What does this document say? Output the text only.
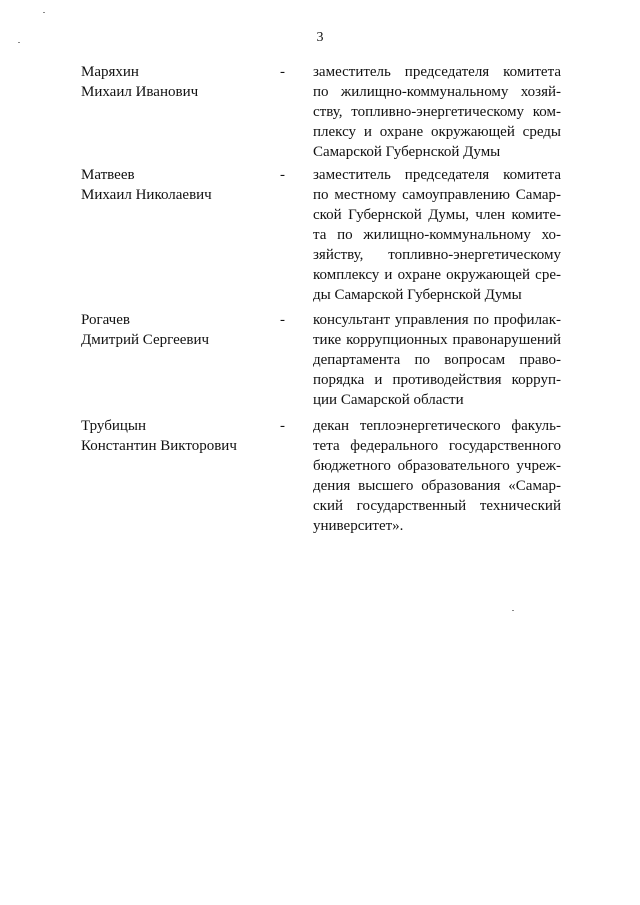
3
Маряхин
Михаил Иванович
- заместитель председателя комитета
по жилищно-коммунальному хозяй-
ству, топливно-энергетическому ком-
плексу и охране окружающей среды
Самарской Губернской Думы
Матвеев
Михаил Николаевич
- заместитель председателя комитета
по местному самоуправлению Самар-
ской Губернской Думы, член комите-
та по жилищно-коммунальному хо-
зяйству, топливно-энергетическому
комплексу и охране окружающей сре-
ды Самарской Губернской Думы
Рогачев
Дмитрий Сергеевич
- консультант управления по профилак-
тике коррупционных правонарушений
департамента по вопросам право-
порядка и противодействия корруп-
ции Самарской области
Трубицын
Константин Викторович
- декан теплоэнергетического факуль-
тета федерального государственного
бюджетного образовательного учреж-
дения высшего образования «Самар-
ский государственный технический
университет».
